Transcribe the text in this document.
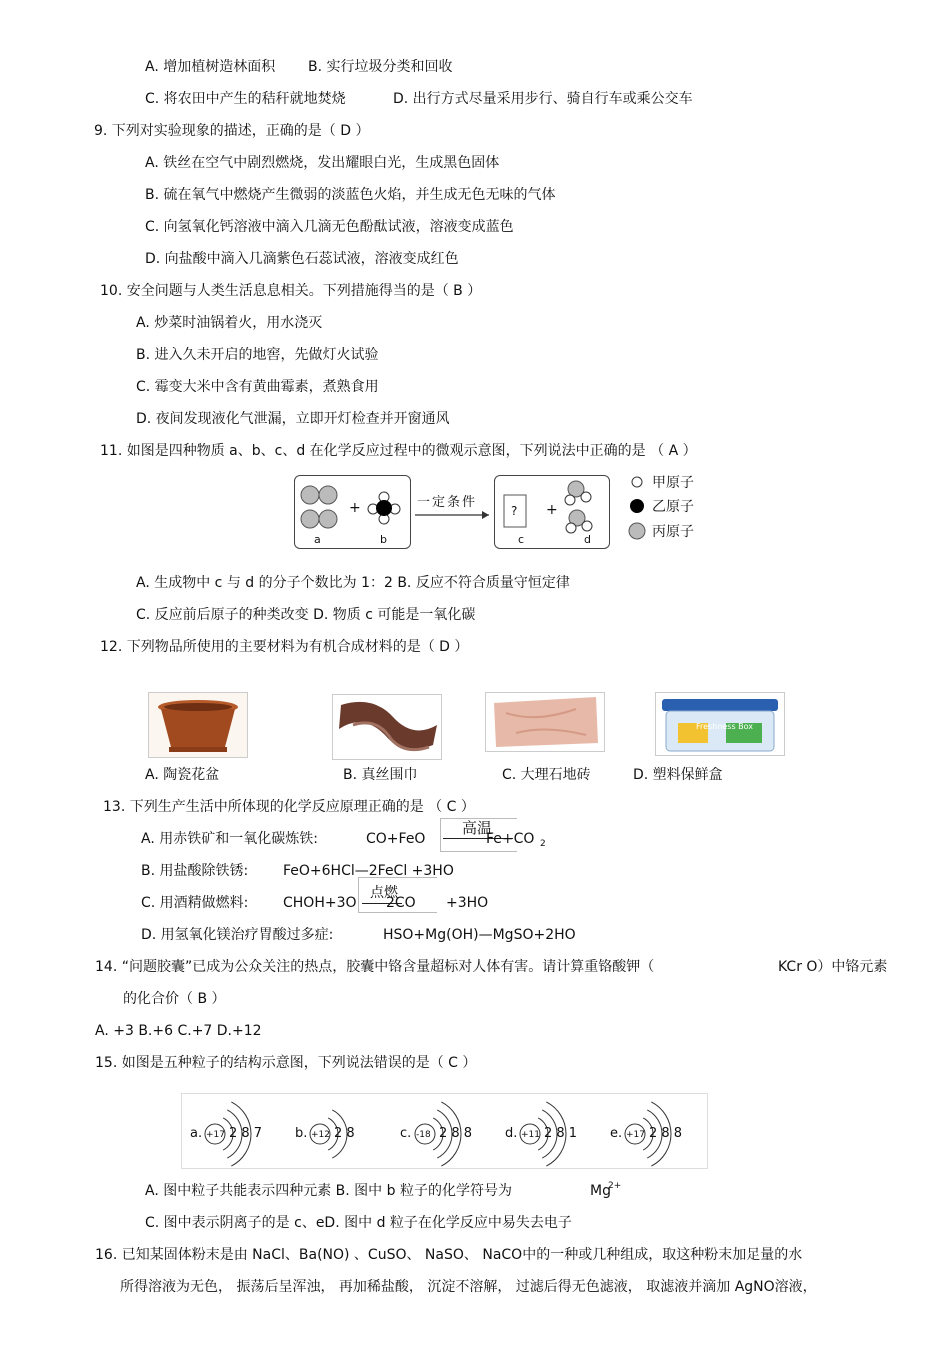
A. 增加植树造林面积 B. 实行垃圾分类和回收
C. 将农田中产生的秸秆就地焚烧	D. 出行方式尽量采用步行、骑自行车或乘公交车
9. 下列对实验现象的描述，正确的是（ D ）
A. 铁丝在空气中剧烈燃烧，发出耀眼白光，生成黑色固体
B. 硫在氧气中燃烧产生微弱的淡蓝色火焰，并生成无色无味的气体
C. 向氢氧化钙溶液中滴入几滴无色酚酞试液，溶液变成蓝色
D. 向盐酸中滴入几滴紫色石蕊试液，溶液变成红色
10. 安全问题与人类生活息息相关。下列措施得当的是（ B ）
A. 炒菜时油锅着火，用水浇灭
B. 进入久未开启的地窖，先做灯火试验
C. 霉变大米中含有黄曲霉素，煮熟食用
D. 夜间发现液化气泄漏，立即开灯检查并开窗通风
11. 如图是四种物质 a、b、c、d 在化学反应过程中的微观示意图，下列说法中正确的是 （ A ）
a	b
+	一定条件
?
c
+
d
甲原子
乙原子
丙原子
A. 生成物中 c 与 d 的分子个数比为 1：2 B. 反应不符合质量守恒定律
C. 反应前后原子的种类改变 D. 物质 c 可能是一氧化碳
12. 下列物品所使用的主要材料为有机合成材料的是（ D ）
Freshness Box
A. 陶瓷花盆	B. 真丝围巾	C. 大理石地砖	D. 塑料保鲜盒
13. 下列生产生活中所体现的化学反应原理正确的是 （ C ）
A. 用赤铁矿和一氧化碳炼铁:	CO+FeO
高温
Fe+CO 2
B. 用盐酸除铁锈: FeO+6HCl—2FeCl +3HO
C. 用酒精做燃料: CHOH+3O
点燃
2CO +3HO
D. 用氢氧化镁治疗胃酸过多症:	HSO+Mg(OH)—MgSO+2HO
14. “问题胶囊”已成为公众关注的热点，胶囊中铬含量超标对人体有害。请计算重铬酸钾（	KCr O）中铬元素
的化合价（ B ）
A. +3 B.+6 C.+7 D.+12
15. 如图是五种粒子的结构示意图，下列说法错误的是（ C ）
a. +17 2 8 7	b. +12 2 8	c. -18 2 8 8	d. +11 2 8 1	e. +17 2 8 8
A. 图中粒子共能表示四种元素 B. 图中 b 粒子的化学符号为	Mg
2+
C. 图中表示阴离子的是 c、eD. 图中 d 粒子在化学反应中易失去电子
16. 已知某固体粉末是由 NaCl、Ba(NO) 、CuSO、 NaSO、 NaCO中的一种或几种组成，取这种粉末加足量的水
所得溶液为无色， 振荡后呈浑浊， 再加稀盐酸， 沉淀不溶解， 过滤后得无色滤液， 取滤液并滴加 AgNO溶液，
